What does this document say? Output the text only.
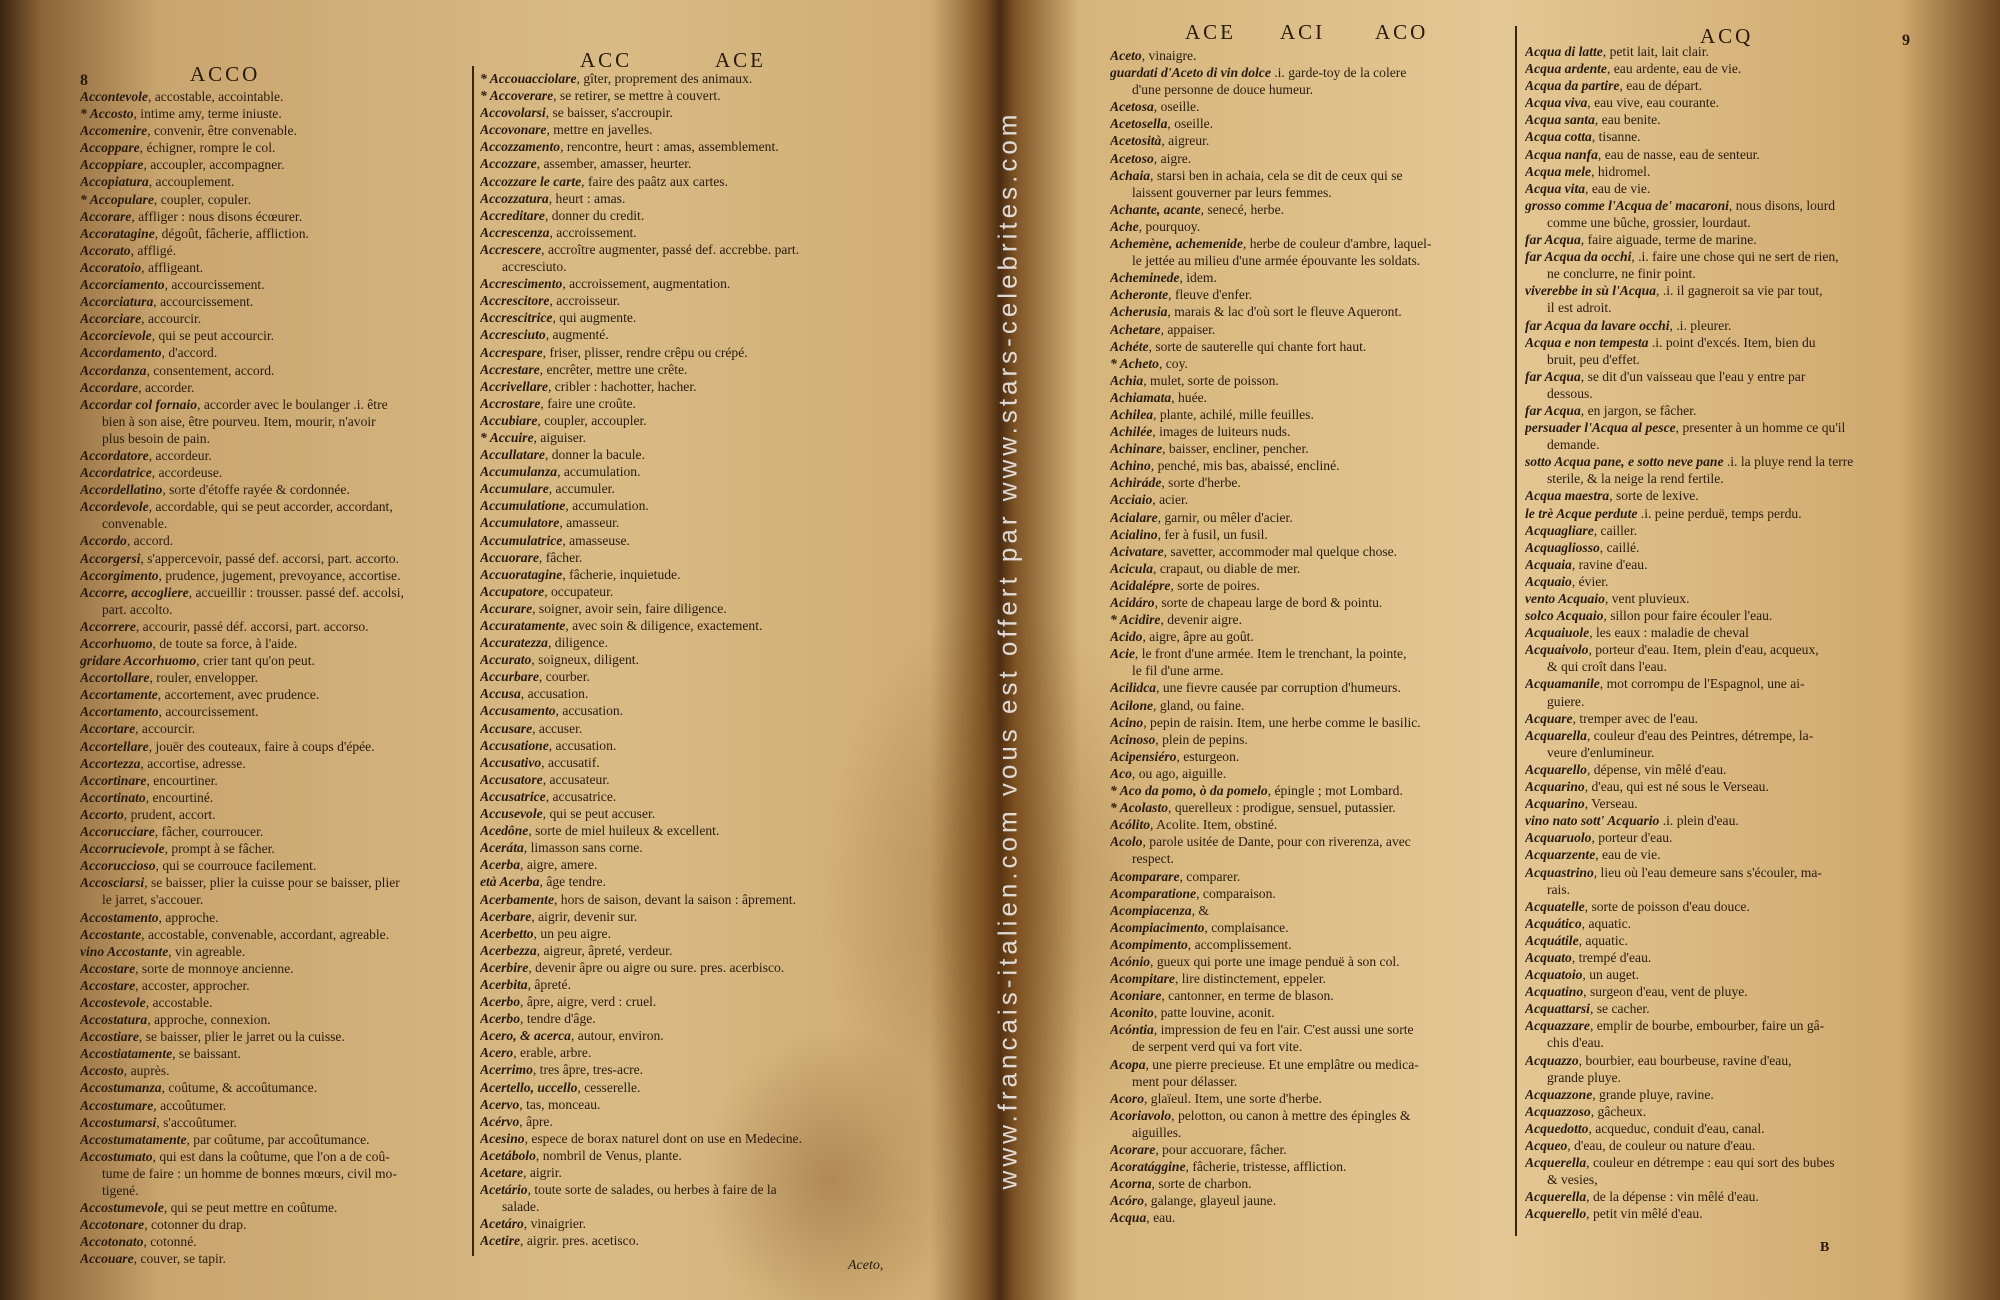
8	ACCO
ACC	ACE
Accontevole, accostable, accointable.
* Accosto, intime amy, terme iniuste.
Accomenire, convenir, être convenable.
Accoppare, échigner, rompre le col.
Accoppiare, accoupler, accompagner.
Accopiatura, accouplement.
* Accopulare, coupler, copuler.
Accorare, affliger : nous disons écœurer.
Accoratagine, dégoût, fâcherie, affliction.
Accorato, affligé.
Accoratoio, affligeant.
Accorciamento, accourcissement.
Accorciatura, accourcissement.
Accorciare, accourcir.
Accorcievole, qui se peut accourcir.
Accordamento, d'accord.
Accordanza, consentement, accord.
Accordare, accorder.
Accordar col fornaio, accorder avec le boulanger .i. être
bien à son aise, être pourveu. Item, mourir, n'avoir
plus besoin de pain.
Accordatore, accordeur.
Accordatrice, accordeuse.
Accordellatino, sorte d'étoffe rayée & cordonnée.
Accordevole, accordable, qui se peut accorder, accordant,
convenable.
Accordo, accord.
Accorgersi, s'appercevoir, passé def. accorsi, part. accorto.
Accorgimento, prudence, jugement, prevoyance, accortise.
Accorre, accogliere, accueillir : trousser. passé def. accolsi,
part. accolto.
Accorrere, accourir, passé déf. accorsi, part. accorso.
Accorhuomo, de toute sa force, à l'aide.
gridare Accorhuomo, crier tant qu'on peut.
Accortollare, rouler, envelopper.
Accortamente, accortement, avec prudence.
Accortamento, accourcissement.
Accortare, accourcir.
Accortellare, jouër des couteaux, faire à coups d'épée.
Accortezza, accortise, adresse.
Accortinare, encourtiner.
Accortinato, encourtiné.
Accorto, prudent, accort.
Accorucciare, fâcher, courroucer.
Accorrucievole, prompt à se fâcher.
Accoruccioso, qui se courrouce facilement.
Accosciarsi, se baisser, plier la cuisse pour se baisser, plier
le jarret, s'accouer.
Accostamento, approche.
Accostante, accostable, convenable, accordant, agreable.
vino Accostante, vin agreable.
Accostare, sorte de monnoye ancienne.
Accostare, accoster, approcher.
Accostevole, accostable.
Accostatura, approche, connexion.
Accostiare, se baisser, plier le jarret ou la cuisse.
Accostiatamente, se baissant.
Accosto, auprès.
Accostumanza, coûtume, & accoûtumance.
Accostumare, accoûtumer.
Accostumarsi, s'accoûtumer.
Accostumatamente, par coûtume, par accoûtumance.
Accostumato, qui est dans la coûtume, que l'on a de coû-
tume de faire : un homme de bonnes mœurs, civil mo-
tigené.
Accostumevole, qui se peut mettre en coûtume.
Accotonare, cotonner du drap.
Accotonato, cotonné.
Accouare, couver, se tapir.
* Accouacciolare, gîter, proprement des animaux.
* Accoverare, se retirer, se mettre à couvert.
Accovolarsi, se baisser, s'accroupir.
Accovonare, mettre en javelles.
Accozzamento, rencontre, heurt : amas, assemblement.
Accozzare, assember, amasser, heurter.
Accozzare le carte, faire des paâtz aux cartes.
Accozzatura, heurt : amas.
Accreditare, donner du credit.
Accrescenza, accroissement.
Accrescere, accroître augmenter, passé def. accrebbe. part.
accresciuto.
Accrescimento, accroissement, augmentation.
Accrescitore, accroisseur.
Accrescitrice, qui augmente.
Accresciuto, augmenté.
Accrespare, friser, plisser, rendre crêpu ou crépé.
Accrestare, encrêter, mettre une crête.
Accrivellare, cribler : hachotter, hacher.
Accrostare, faire une croûte.
Accubiare, coupler, accoupler.
* Accuire, aiguiser.
Accullatare, donner la bacule.
Accumulanza, accumulation.
Accumulare, accumuler.
Accumulatione, accumulation.
Accumulatore, amasseur.
Accumulatrice, amasseuse.
Accuorare, fâcher.
Accuoratagine, fâcherie, inquietude.
Accupatore, occupateur.
Accurare, soigner, avoir sein, faire diligence.
Accuratamente, avec soin & diligence, exactement.
Accuratezza, diligence.
Accurato, soigneux, diligent.
Accurbare, courber.
Accusa, accusation.
Accusamento, accusation.
Accusare, accuser.
Accusatione, accusation.
Accusativo, accusatif.
Accusatore, accusateur.
Accusatrice, accusatrice.
Accusevole, qui se peut accuser.
Acedône, sorte de miel huileux & excellent.
Aceráta, limasson sans corne.
Acerba, aigre, amere.
età Acerba, âge tendre.
Acerbamente, hors de saison, devant la saison : âprement.
Acerbare, aigrir, devenir sur.
Acerbetto, un peu aigre.
Acerbezza, aigreur, âpreté, verdeur.
Acerbire, devenir âpre ou aigre ou sure. pres. acerbisco.
Acerbita, âpreté.
Acerbo, âpre, aigre, verd : cruel.
Acerbo, tendre d'âge.
Acero, & acerca, autour, environ.
Acero, erable, arbre.
Acerrimo, tres âpre, tres-acre.
Acertello, uccello, cesserelle.
Acervo, tas, monceau.
Acérvo, âpre.
Acesino, espece de borax naturel dont on use en Medecine.
Acetábolo, nombril de Venus, plante.
Acetare, aigrir.
Acetário, toute sorte de salades, ou herbes à faire de la
salade.
Acetáro, vinaigrier.
Acetire, aigrir. pres. acetisco.
Aceto,
ACE ACI ACO	ACQ	9
Aceto, vinaigre.
guardati d'Aceto di vin dolce .i. garde-toy de la colere
d'une personne de douce humeur.
Acetosa, oseille.
Acetosella, oseille.
Acetosità, aigreur.
Acetoso, aigre.
Achaia, starsi ben in achaia, cela se dit de ceux qui se
laissent gouverner par leurs femmes.
Achante, acante, senecé, herbe.
Ache, pourquoy.
Achemène, achemenide, herbe de couleur d'ambre, laquel-
le jettée au milieu d'une armée épouvante les soldats.
Acheminede, idem.
Acheronte, fleuve d'enfer.
Acherusia, marais & lac d'où sort le fleuve Aqueront.
Achetare, appaiser.
Achéte, sorte de sauterelle qui chante fort haut.
* Acheto, coy.
Achia, mulet, sorte de poisson.
Achiamata, huée.
Achilea, plante, achilé, mille feuilles.
Achilée, images de luiteurs nuds.
Achinare, baisser, encliner, pencher.
Achino, penché, mis bas, abaissé, encliné.
Achiráde, sorte d'herbe.
Acciaio, acier.
Acialare, garnir, ou mêler d'acier.
Acialino, fer à fusil, un fusil.
Acivatare, savetter, accommoder mal quelque chose.
Acicula, crapaut, ou diable de mer.
Acidalépre, sorte de poires.
Acidáro, sorte de chapeau large de bord & pointu.
* Acidire, devenir aigre.
Acido, aigre, âpre au goût.
Acie, le front d'une armée. Item le trenchant, la pointe,
le fil d'une arme.
Acilidca, une fievre causée par corruption d'humeurs.
Acilone, gland, ou faine.
Acino, pepin de raisin. Item, une herbe comme le basilic.
Acinoso, plein de pepins.
Acipensiéro, esturgeon.
Aco, ou ago, aiguille.
* Aco da pomo, ò da pomelo, épingle ; mot Lombard.
* Acolasto, querelleux : prodigue, sensuel, putassier.
Acólito, Acolite. Item, obstiné.
Acolo, parole usitée de Dante, pour con riverenza, avec
respect.
Acomparare, comparer.
Acomparatione, comparaison.
Acompiacenza, &
Acompiacimento, complaisance.
Acompimento, accomplissement.
Acónio, gueux qui porte une image penduë à son col.
Acompitare, lire distinctement, eppeler.
Aconiare, cantonner, en terme de blason.
Aconito, patte louvine, aconit.
Acóntia, impression de feu en l'air. C'est aussi une sorte
de serpent verd qui va fort vite.
Acopa, une pierre precieuse. Et une emplâtre ou medica-
ment pour délasser.
Acoro, glaïeul. Item, une sorte d'herbe.
Acoriavolo, pelotton, ou canon à mettre des épingles &
aiguilles.
Acorare, pour accuorare, fâcher.
Acoratággine, fâcherie, tristesse, affliction.
Acorna, sorte de charbon.
Acóro, galange, glayeul jaune.
Acqua, eau.
Acqua di latte, petit lait, lait clair.
Acqua ardente, eau ardente, eau de vie.
Acqua da partire, eau de départ.
Acqua viva, eau vive, eau courante.
Acqua santa, eau benite.
Acqua cotta, tisanne.
Acqua nanfa, eau de nasse, eau de senteur.
Acqua mele, hidromel.
Acqua vita, eau de vie.
grosso comme l'Acqua de' macaroni, nous disons, lourd
comme une bûche, grossier, lourdaut.
far Acqua, faire aiguade, terme de marine.
far Acqua da occhi, .i. faire une chose qui ne sert de rien,
ne conclurre, ne finir point.
viverebbe in sù l'Acqua, .i. il gagneroit sa vie par tout,
il est adroit.
far Acqua da lavare occhi, .i. pleurer.
Acqua e non tempesta .i. point d'excés. Item, bien du
bruit, peu d'effet.
far Acqua, se dit d'un vaisseau que l'eau y entre par
dessous.
far Acqua, en jargon, se fâcher.
persuader l'Acqua al pesce, presenter à un homme ce qu'il
demande.
sotto Acqua pane, e sotto neve pane .i. la pluye rend la terre
sterile, & la neige la rend fertile.
Acqua maestra, sorte de lexive.
le trè Acque perdute .i. peine perduë, temps perdu.
Acquagliare, cailler.
Acquagliosso, caillé.
Acquaia, ravine d'eau.
Acquaio, évier.
vento Acquaio, vent pluvieux.
solco Acquaio, sillon pour faire écouler l'eau.
Acquaiuole, les eaux : maladie de cheval
Acquaivolo, porteur d'eau. Item, plein d'eau, acqueux,
& qui croît dans l'eau.
Acquamanile, mot corrompu de l'Espagnol, une ai-
guiere.
Acquare, tremper avec de l'eau.
Acquarella, couleur d'eau des Peintres, détrempe, la-
veure d'enlumineur.
Acquarello, dépense, vin mêlé d'eau.
Acquarino, d'eau, qui est né sous le Verseau.
Acquarino, Verseau.
vino nato sott' Acquario .i. plein d'eau.
Acquaruolo, porteur d'eau.
Acquarzente, eau de vie.
Acquastrino, lieu où l'eau demeure sans s'écouler, ma-
rais.
Acquatelle, sorte de poisson d'eau douce.
Acquático, aquatic.
Acquátile, aquatic.
Acquato, trempé d'eau.
Acquatoio, un auget.
Acquatino, surgeon d'eau, vent de pluye.
Acquattarsi, se cacher.
Acquazzare, emplir de bourbe, embourber, faire un gâ-
chis d'eau.
Acquazzo, bourbier, eau bourbeuse, ravine d'eau,
grande pluye.
Acquazzone, grande pluye, ravine.
Acquazzoso, gâcheux.
Acquedotto, acqueduc, conduit d'eau, canal.
Acqueo, d'eau, de couleur ou nature d'eau.
Acquerella, couleur en détrempe : eau qui sort des bubes
& vesies,
Acquerella, de la dépense : vin mêlé d'eau.
Acquerello, petit vin mêlé d'eau.
B
www.francais-italien.com vous est offert par www.stars-celebrites.com
